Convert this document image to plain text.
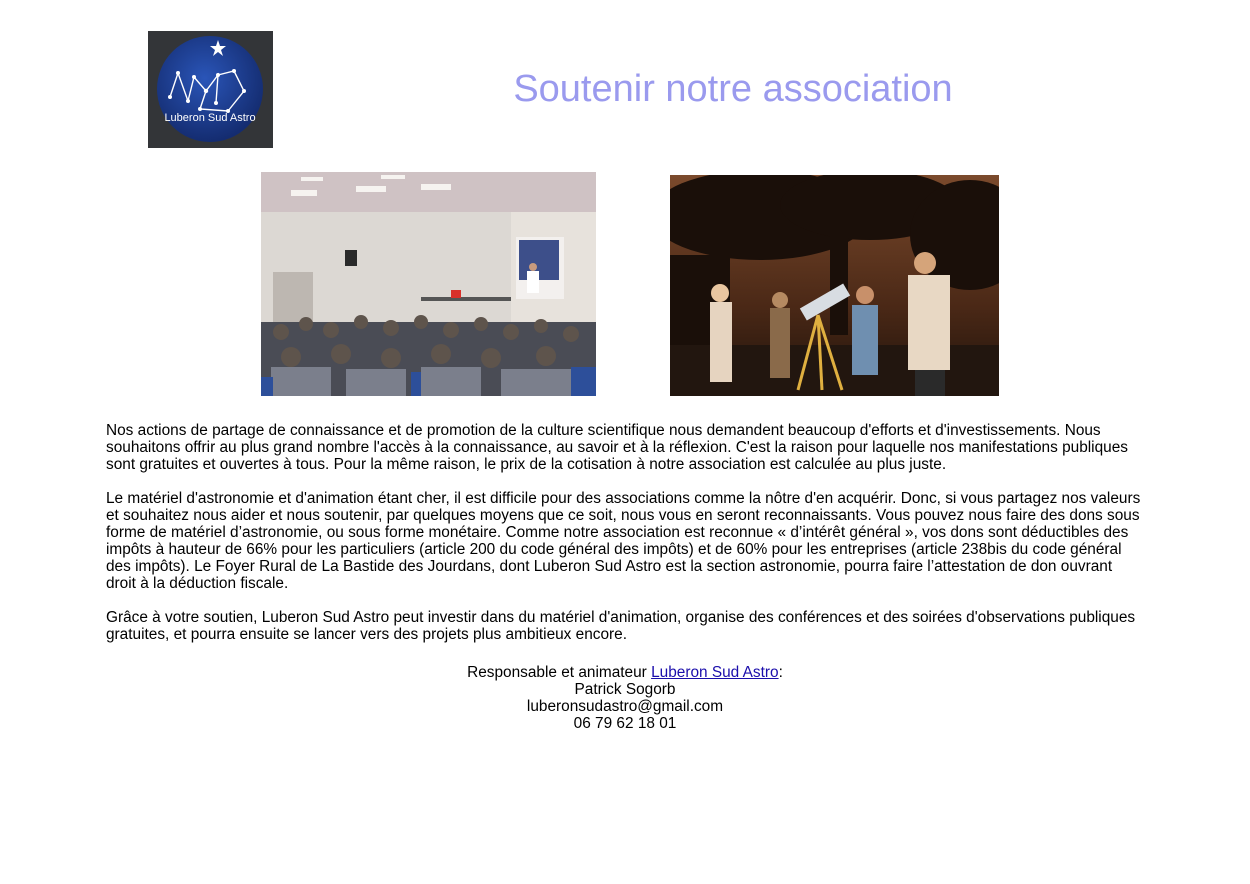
Luberon Sud Astro
Soutenir notre association

Nos actions de partage de connaissance et de promotion de la culture scientifique nous demandent beaucoup d'efforts et d'investissements. Nous souhaitons offrir au plus grand nombre l'accès à la connaissance, au savoir et à la réflexion. C'est la raison pour laquelle nos manifestations publiques sont gratuites et ouvertes à tous. Pour la même raison, le prix de la cotisation à notre association est calculée au plus juste.

Le matériel d'astronomie et d'animation étant cher, il est difficile pour des associations comme la nôtre d'en acquérir. Donc, si vous partagez nos valeurs et souhaitez nous aider et nous soutenir, par quelques moyens que ce soit, nous vous en seront reconnaissants. Vous pouvez nous faire des dons sous forme de matériel d’astronomie, ou sous forme monétaire. Comme notre association est reconnue « d’intérêt général », vos dons sont déductibles des impôts à hauteur de 66% pour les particuliers (article 200 du code général des impôts) et de 60% pour les entreprises (article 238bis du code général des impôts). Le Foyer Rural de La Bastide des Jourdans, dont Luberon Sud Astro est la section astronomie, pourra faire l’attestation de don ouvrant droit à la déduction fiscale.

Grâce à votre soutien, Luberon Sud Astro peut investir dans du matériel d'animation, organise des conférences et des soirées d'observations publiques gratuites, et pourra ensuite se lancer vers des projets plus ambitieux encore.

Responsable et animateur Luberon Sud Astro:
Patrick Sogorb
luberonsudastro@gmail.com
06 79 62 18 01
